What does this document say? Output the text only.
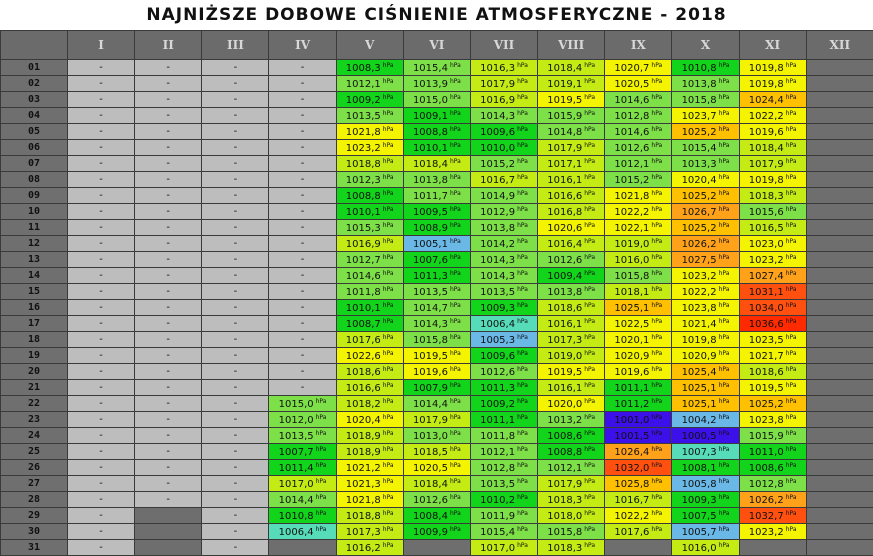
NAJNIŻSZE DOBOWE CIŚNIENIE ATMOSFERYCZNE - 2018
	I	II	III	IV	V	VI	VII	VIII	IX	X	XI	XII
01	-	-	-	-	1008,3 $^{hPa}$	1015,4 $^{hPa}$	1016,3 $^{hPa}$	1018,4 $^{hPa}$	1020,7 $^{hPa}$	1010,8 $^{hPa}$	1019,8 $^{hPa}$	
02	-	-	-	-	1012,1 $^{hPa}$	1013,9 $^{hPa}$	1017,9 $^{hPa}$	1019,1 $^{hPa}$	1020,5 $^{hPa}$	1013,8 $^{hPa}$	1019,8 $^{hPa}$	
03	-	-	-	-	1009,2 $^{hPa}$	1015,0 $^{hPa}$	1016,9 $^{hPa}$	1019,5 $^{hPa}$	1014,6 $^{hPa}$	1015,8 $^{hPa}$	1024,4 $^{hPa}$	
04	-	-	-	-	1013,5 $^{hPa}$	1009,1 $^{hPa}$	1014,3 $^{hPa}$	1015,9 $^{hPa}$	1012,8 $^{hPa}$	1023,7 $^{hPa}$	1022,2 $^{hPa}$	
05	-	-	-	-	1021,8 $^{hPa}$	1008,8 $^{hPa}$	1009,6 $^{hPa}$	1014,8 $^{hPa}$	1014,6 $^{hPa}$	1025,2 $^{hPa}$	1019,6 $^{hPa}$	
06	-	-	-	-	1023,2 $^{hPa}$	1010,1 $^{hPa}$	1010,0 $^{hPa}$	1017,9 $^{hPa}$	1012,6 $^{hPa}$	1015,4 $^{hPa}$	1018,4 $^{hPa}$	
07	-	-	-	-	1018,8 $^{hPa}$	1018,4 $^{hPa}$	1015,2 $^{hPa}$	1017,1 $^{hPa}$	1012,1 $^{hPa}$	1013,3 $^{hPa}$	1017,9 $^{hPa}$	
08	-	-	-	-	1012,3 $^{hPa}$	1013,8 $^{hPa}$	1016,7 $^{hPa}$	1016,1 $^{hPa}$	1015,2 $^{hPa}$	1020,4 $^{hPa}$	1019,8 $^{hPa}$	
09	-	-	-	-	1008,8 $^{hPa}$	1011,7 $^{hPa}$	1014,9 $^{hPa}$	1016,6 $^{hPa}$	1021,8 $^{hPa}$	1025,2 $^{hPa}$	1018,3 $^{hPa}$	
10	-	-	-	-	1010,1 $^{hPa}$	1009,5 $^{hPa}$	1012,9 $^{hPa}$	1016,8 $^{hPa}$	1022,2 $^{hPa}$	1026,7 $^{hPa}$	1015,6 $^{hPa}$	
11	-	-	-	-	1015,3 $^{hPa}$	1008,9 $^{hPa}$	1013,8 $^{hPa}$	1020,6 $^{hPa}$	1022,1 $^{hPa}$	1025,2 $^{hPa}$	1016,5 $^{hPa}$	
12	-	-	-	-	1016,9 $^{hPa}$	1005,1 $^{hPa}$	1014,2 $^{hPa}$	1016,4 $^{hPa}$	1019,0 $^{hPa}$	1026,2 $^{hPa}$	1023,0 $^{hPa}$	
13	-	-	-	-	1012,7 $^{hPa}$	1007,6 $^{hPa}$	1014,3 $^{hPa}$	1012,6 $^{hPa}$	1016,0 $^{hPa}$	1027,5 $^{hPa}$	1023,2 $^{hPa}$	
14	-	-	-	-	1014,6 $^{hPa}$	1011,3 $^{hPa}$	1014,3 $^{hPa}$	1009,4 $^{hPa}$	1015,8 $^{hPa}$	1023,2 $^{hPa}$	1027,4 $^{hPa}$	
15	-	-	-	-	1011,8 $^{hPa}$	1013,5 $^{hPa}$	1013,5 $^{hPa}$	1013,8 $^{hPa}$	1018,1 $^{hPa}$	1022,2 $^{hPa}$	1031,1 $^{hPa}$	
16	-	-	-	-	1010,1 $^{hPa}$	1014,7 $^{hPa}$	1009,3 $^{hPa}$	1018,6 $^{hPa}$	1025,1 $^{hPa}$	1023,8 $^{hPa}$	1034,0 $^{hPa}$	
17	-	-	-	-	1008,7 $^{hPa}$	1014,3 $^{hPa}$	1006,4 $^{hPa}$	1016,1 $^{hPa}$	1022,5 $^{hPa}$	1021,4 $^{hPa}$	1036,6 $^{hPa}$	
18	-	-	-	-	1017,6 $^{hPa}$	1015,8 $^{hPa}$	1005,3 $^{hPa}$	1017,3 $^{hPa}$	1020,1 $^{hPa}$	1019,8 $^{hPa}$	1023,5 $^{hPa}$	
19	-	-	-	-	1022,6 $^{hPa}$	1019,5 $^{hPa}$	1009,6 $^{hPa}$	1019,0 $^{hPa}$	1020,9 $^{hPa}$	1020,9 $^{hPa}$	1021,7 $^{hPa}$	
20	-	-	-	-	1018,6 $^{hPa}$	1019,6 $^{hPa}$	1012,6 $^{hPa}$	1019,5 $^{hPa}$	1019,6 $^{hPa}$	1025,4 $^{hPa}$	1018,6 $^{hPa}$	
21	-	-	-	-	1016,6 $^{hPa}$	1007,9 $^{hPa}$	1011,3 $^{hPa}$	1016,1 $^{hPa}$	1011,1 $^{hPa}$	1025,1 $^{hPa}$	1019,5 $^{hPa}$	
22	-	-	-	1015,0 $^{hPa}$	1018,2 $^{hPa}$	1014,4 $^{hPa}$	1009,2 $^{hPa}$	1020,0 $^{hPa}$	1011,2 $^{hPa}$	1025,1 $^{hPa}$	1025,2 $^{hPa}$	
23	-	-	-	1012,0 $^{hPa}$	1020,4 $^{hPa}$	1017,9 $^{hPa}$	1011,1 $^{hPa}$	1013,2 $^{hPa}$	1001,0 $^{hPa}$	1004,2 $^{hPa}$	1023,8 $^{hPa}$	
24	-	-	-	1013,5 $^{hPa}$	1018,9 $^{hPa}$	1013,0 $^{hPa}$	1011,8 $^{hPa}$	1008,6 $^{hPa}$	1001,5 $^{hPa}$	1000,5 $^{hPa}$	1015,9 $^{hPa}$	
25	-	-	-	1007,7 $^{hPa}$	1018,9 $^{hPa}$	1018,5 $^{hPa}$	1012,1 $^{hPa}$	1008,8 $^{hPa}$	1026,4 $^{hPa}$	1007,3 $^{hPa}$	1011,0 $^{hPa}$	
26	-	-	-	1011,4 $^{hPa}$	1021,2 $^{hPa}$	1020,5 $^{hPa}$	1012,8 $^{hPa}$	1012,1 $^{hPa}$	1032,0 $^{hPa}$	1008,1 $^{hPa}$	1008,6 $^{hPa}$	
27	-	-	-	1017,0 $^{hPa}$	1021,3 $^{hPa}$	1018,4 $^{hPa}$	1013,5 $^{hPa}$	1017,9 $^{hPa}$	1025,8 $^{hPa}$	1005,8 $^{hPa}$	1012,8 $^{hPa}$	
28	-	-	-	1014,4 $^{hPa}$	1021,8 $^{hPa}$	1012,6 $^{hPa}$	1010,2 $^{hPa}$	1018,3 $^{hPa}$	1016,7 $^{hPa}$	1009,3 $^{hPa}$	1026,2 $^{hPa}$	
29	-		-	1010,8 $^{hPa}$	1018,8 $^{hPa}$	1008,4 $^{hPa}$	1011,9 $^{hPa}$	1018,0 $^{hPa}$	1022,2 $^{hPa}$	1007,5 $^{hPa}$	1032,7 $^{hPa}$	
30	-		-	1006,4 $^{hPa}$	1017,3 $^{hPa}$	1009,9 $^{hPa}$	1015,4 $^{hPa}$	1015,8 $^{hPa}$	1017,6 $^{hPa}$	1005,7 $^{hPa}$	1023,2 $^{hPa}$	
31	-		-		1016,2 $^{hPa}$		1017,0 $^{hPa}$	1018,3 $^{hPa}$		1016,0 $^{hPa}$		
